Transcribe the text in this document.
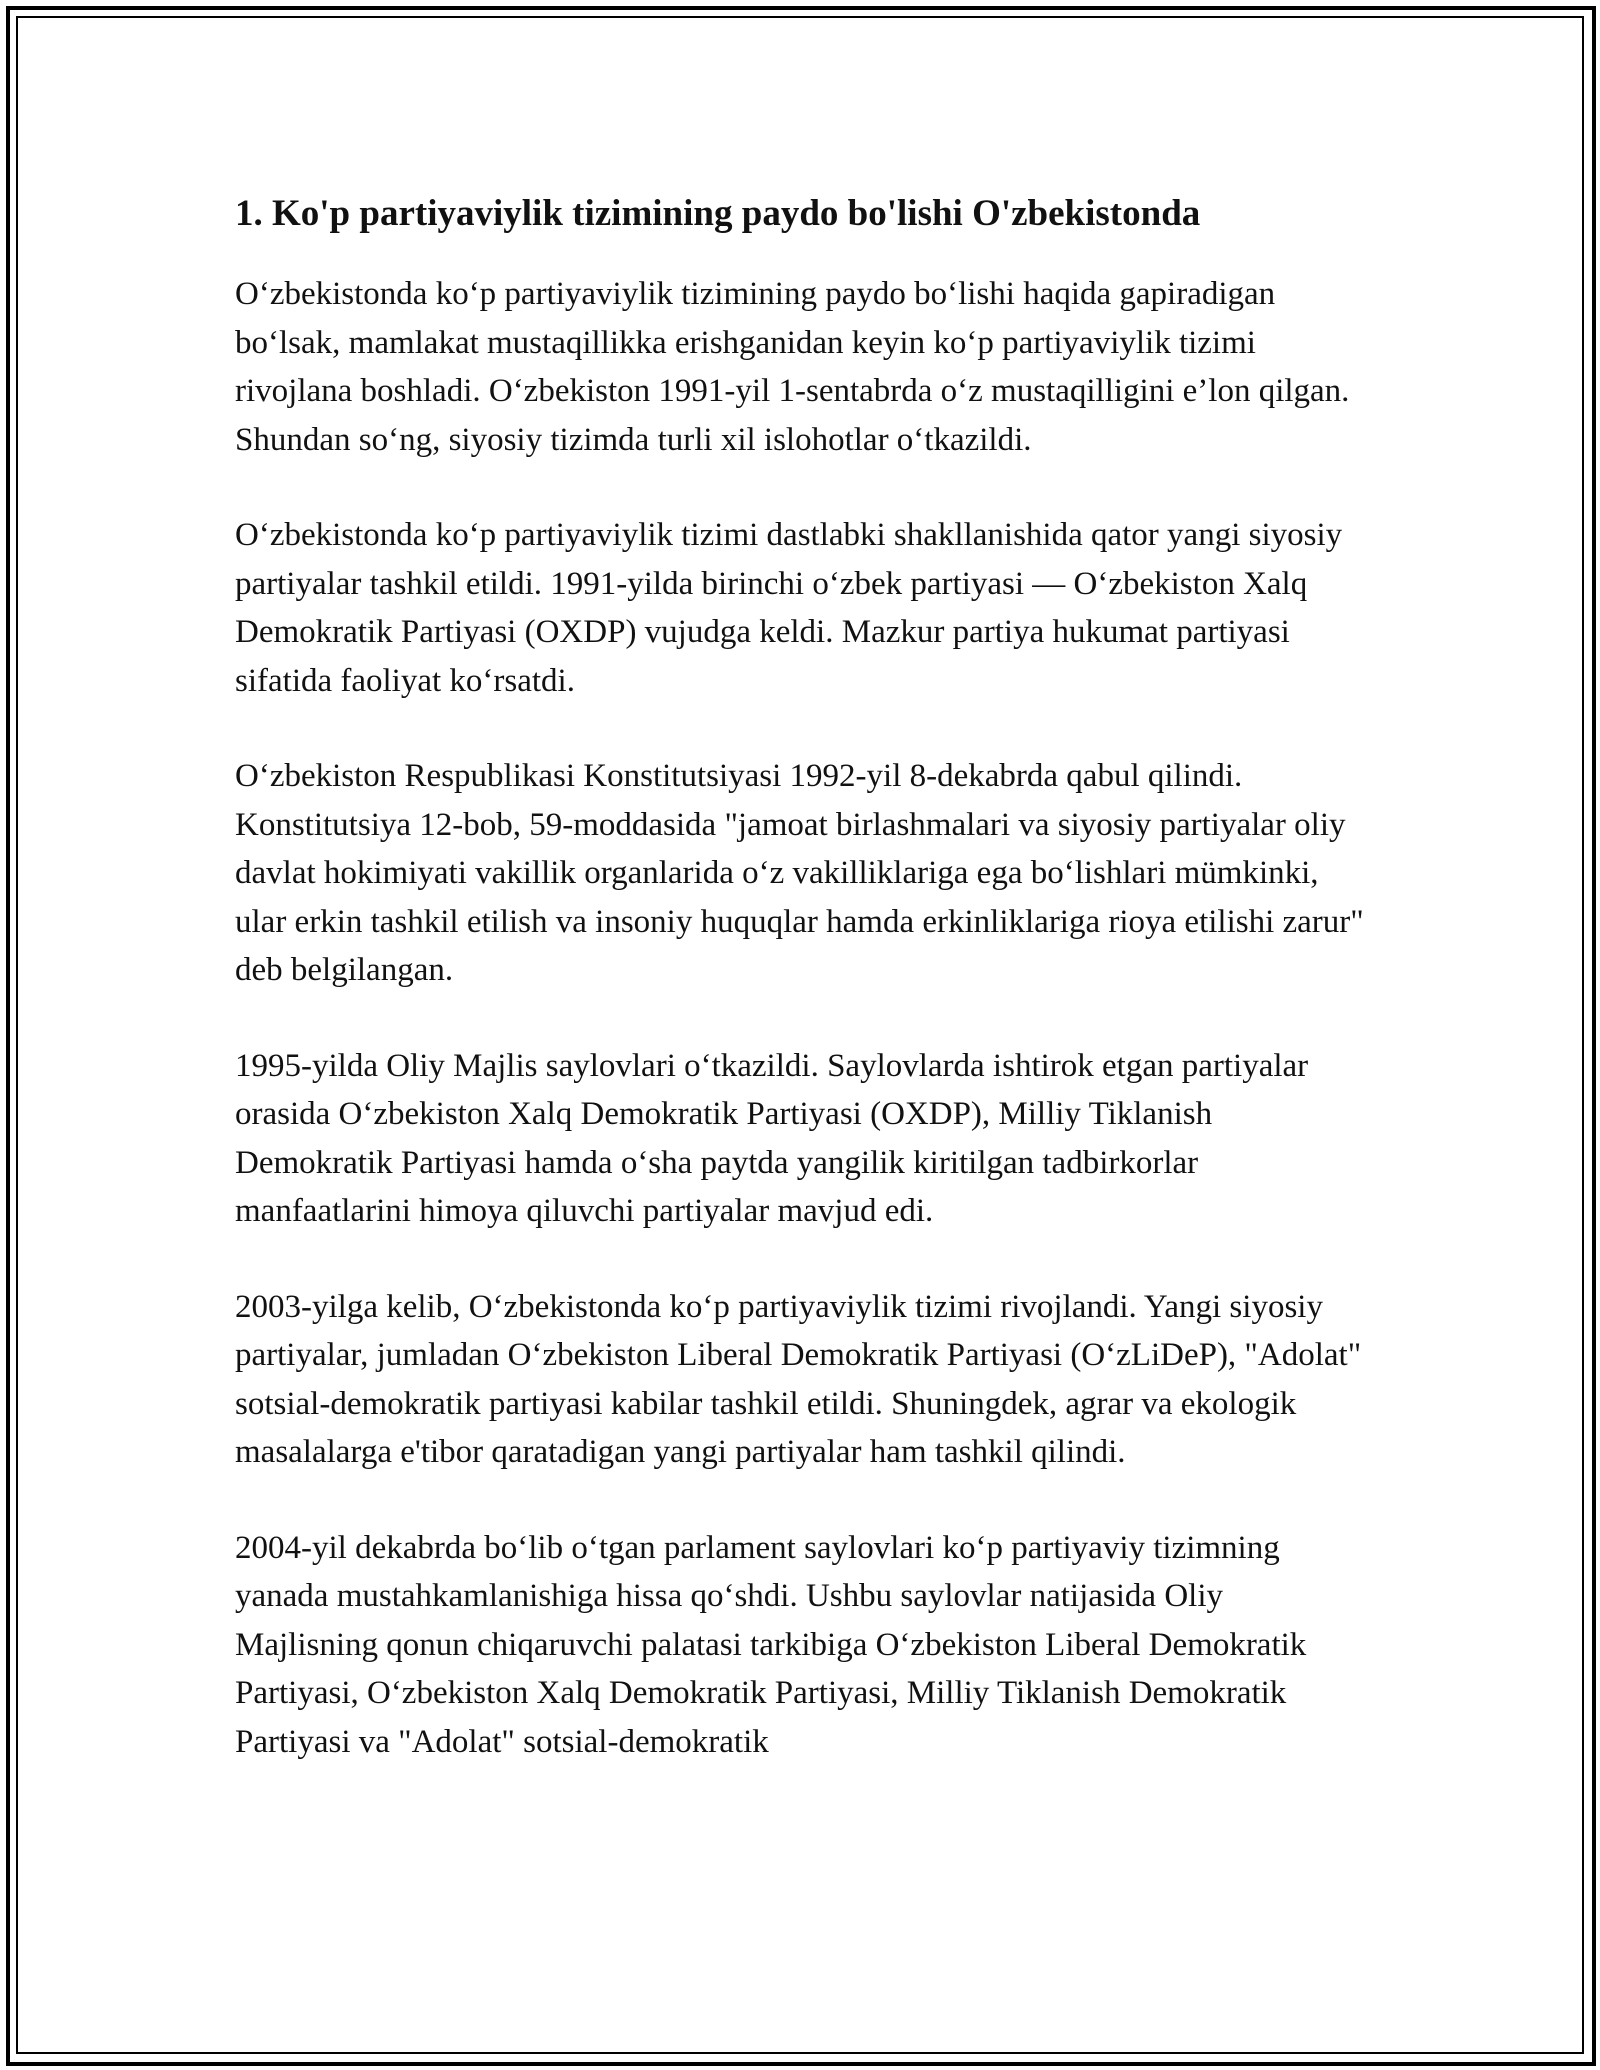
1. Ko'p partiyaviylik tizimining paydo bo'lishi O'zbekistonda

O‘zbekistonda ko‘p partiyaviylik tizimining paydo bo‘lishi haqida gapiradigan bo‘lsak, mamlakat mustaqillikka erishganidan keyin ko‘p partiyaviylik tizimi rivojlana boshladi. O‘zbekiston 1991-yil 1-sentabrda o‘z mustaqilligini e’lon qilgan. Shundan so‘ng, siyosiy tizimda turli xil islohotlar o‘tkazildi.

O‘zbekistonda ko‘p partiyaviylik tizimi dastlabki shakllanishida qator yangi siyosiy partiyalar tashkil etildi. 1991-yilda birinchi o‘zbek partiyasi — O‘zbekiston Xalq Demokratik Partiyasi (OXDP) vujudga keldi. Mazkur partiya hukumat partiyasi sifatida faoliyat ko‘rsatdi.

O‘zbekiston Respublikasi Konstitutsiyasi 1992-yil 8-dekabrda qabul qilindi. Konstitutsiya 12-bob, 59-moddasida "jamoat birlashmalari va siyosiy partiyalar oliy davlat hokimiyati vakillik organlarida o‘z vakilliklariga ega bo‘lishlari mümkinki, ular erkin tashkil etilish va insoniy huquqlar hamda erkinliklariga rioya etilishi zarur" deb belgilangan.

1995-yilda Oliy Majlis saylovlari o‘tkazildi. Saylovlarda ishtirok etgan partiyalar orasida O‘zbekiston Xalq Demokratik Partiyasi (OXDP), Milliy Tiklanish Demokratik Partiyasi hamda o‘sha paytda yangilik kiritilgan tadbirkorlar manfaatlarini himoya qiluvchi partiyalar mavjud edi.

2003-yilga kelib, O‘zbekistonda ko‘p partiyaviylik tizimi rivojlandi. Yangi siyosiy partiyalar, jumladan O‘zbekiston Liberal Demokratik Partiyasi (O‘zLiDeP), "Adolat" sotsial-demokratik partiyasi kabilar tashkil etildi. Shuningdek, agrar va ekologik masalalarga e'tibor qaratadigan yangi partiyalar ham tashkil qilindi.

2004-yil dekabrda bo‘lib o‘tgan parlament saylovlari ko‘p partiyaviy tizimning yanada mustahkamlanishiga hissa qo‘shdi. Ushbu saylovlar natijasida Oliy Majlisning qonun chiqaruvchi palatasi tarkibiga O‘zbekiston Liberal Demokratik Partiyasi, O‘zbekiston Xalq Demokratik Partiyasi, Milliy Tiklanish Demokratik Partiyasi va "Adolat" sotsial-demokratik
